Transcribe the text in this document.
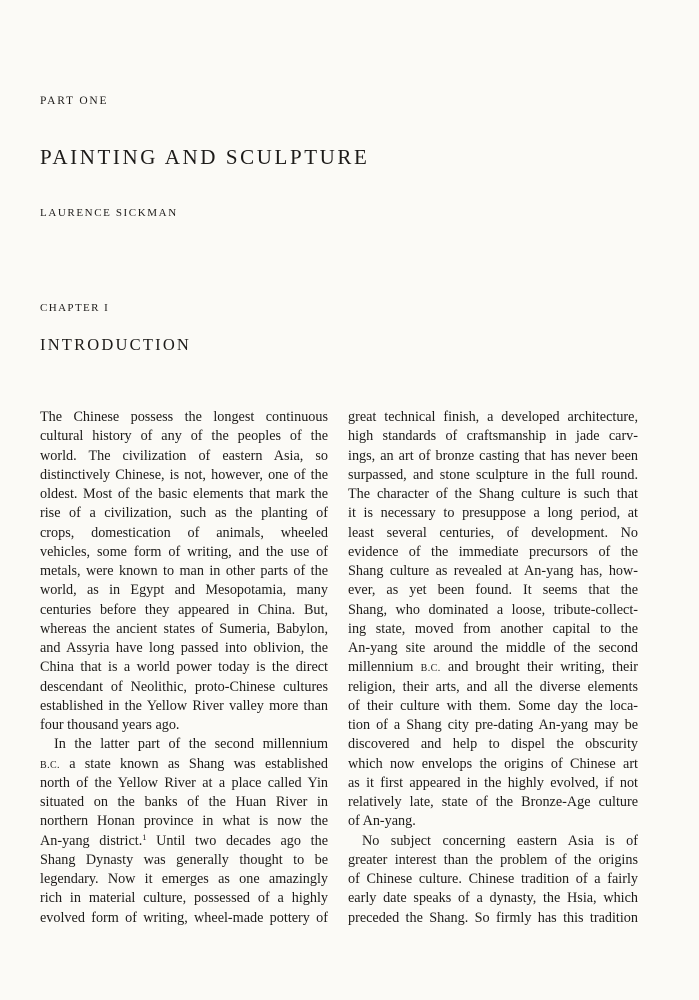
PART ONE
PAINTING AND SCULPTURE
LAURENCE SICKMAN
CHAPTER I
INTRODUCTION
The Chinese possess the longest continuous
cultural history of any of the peoples of the
world. The civilization of eastern Asia, so
distinctively Chinese, is not, however, one of the
oldest. Most of the basic elements that mark the
rise of a civilization, such as the planting of
crops, domestication of animals, wheeled
vehicles, some form of writing, and the use of
metals, were known to man in other parts of the
world, as in Egypt and Mesopotamia, many
centuries before they appeared in China. But,
whereas the ancient states of Sumeria, Babylon,
and Assyria have long passed into oblivion, the
China that is a world power today is the direct
descendant of Neolithic, proto-Chinese cultures
established in the Yellow River valley more than
four thousand years ago.
In the latter part of the second millennium
B.C. a state known as Shang was established
north of the Yellow River at a place called Yin
situated on the banks of the Huan River in
northern Honan province in what is now the
An-yang district.$^1$ Until two decades ago the
Shang Dynasty was generally thought to be
legendary. Now it emerges as one amazingly
rich in material culture, possessed of a highly
evolved form of writing, wheel-made pottery of
great technical finish, a developed architecture,
high standards of craftsmanship in jade carv-
ings, an art of bronze casting that has never been
surpassed, and stone sculpture in the full round.
The character of the Shang culture is such that
it is necessary to presuppose a long period, at
least several centuries, of development. No
evidence of the immediate precursors of the
Shang culture as revealed at An-yang has, how-
ever, as yet been found. It seems that the
Shang, who dominated a loose, tribute-collect-
ing state, moved from another capital to the
An-yang site around the middle of the second
millennium B.C. and brought their writing, their
religion, their arts, and all the diverse elements
of their culture with them. Some day the loca-
tion of a Shang city pre-dating An-yang may be
discovered and help to dispel the obscurity
which now envelops the origins of Chinese art
as it first appeared in the highly evolved, if not
relatively late, state of the Bronze-Age culture
of An-yang.
No subject concerning eastern Asia is of
greater interest than the problem of the origins
of Chinese culture. Chinese tradition of a fairly
early date speaks of a dynasty, the Hsia, which
preceded the Shang. So firmly has this tradition
